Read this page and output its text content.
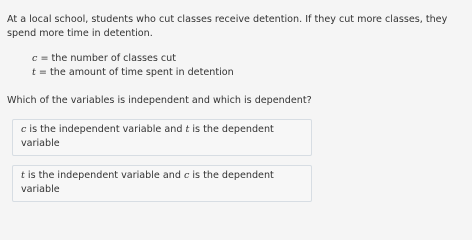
At a local school, students who cut classes receive detention. If they cut more classes, they spend more time in detention.
c = the number of classes cut
t = the amount of time spent in detention
Which of the variables is independent and which is dependent?
c is the independent variable and t is the dependent variable
t is the independent variable and c is the dependent variable
